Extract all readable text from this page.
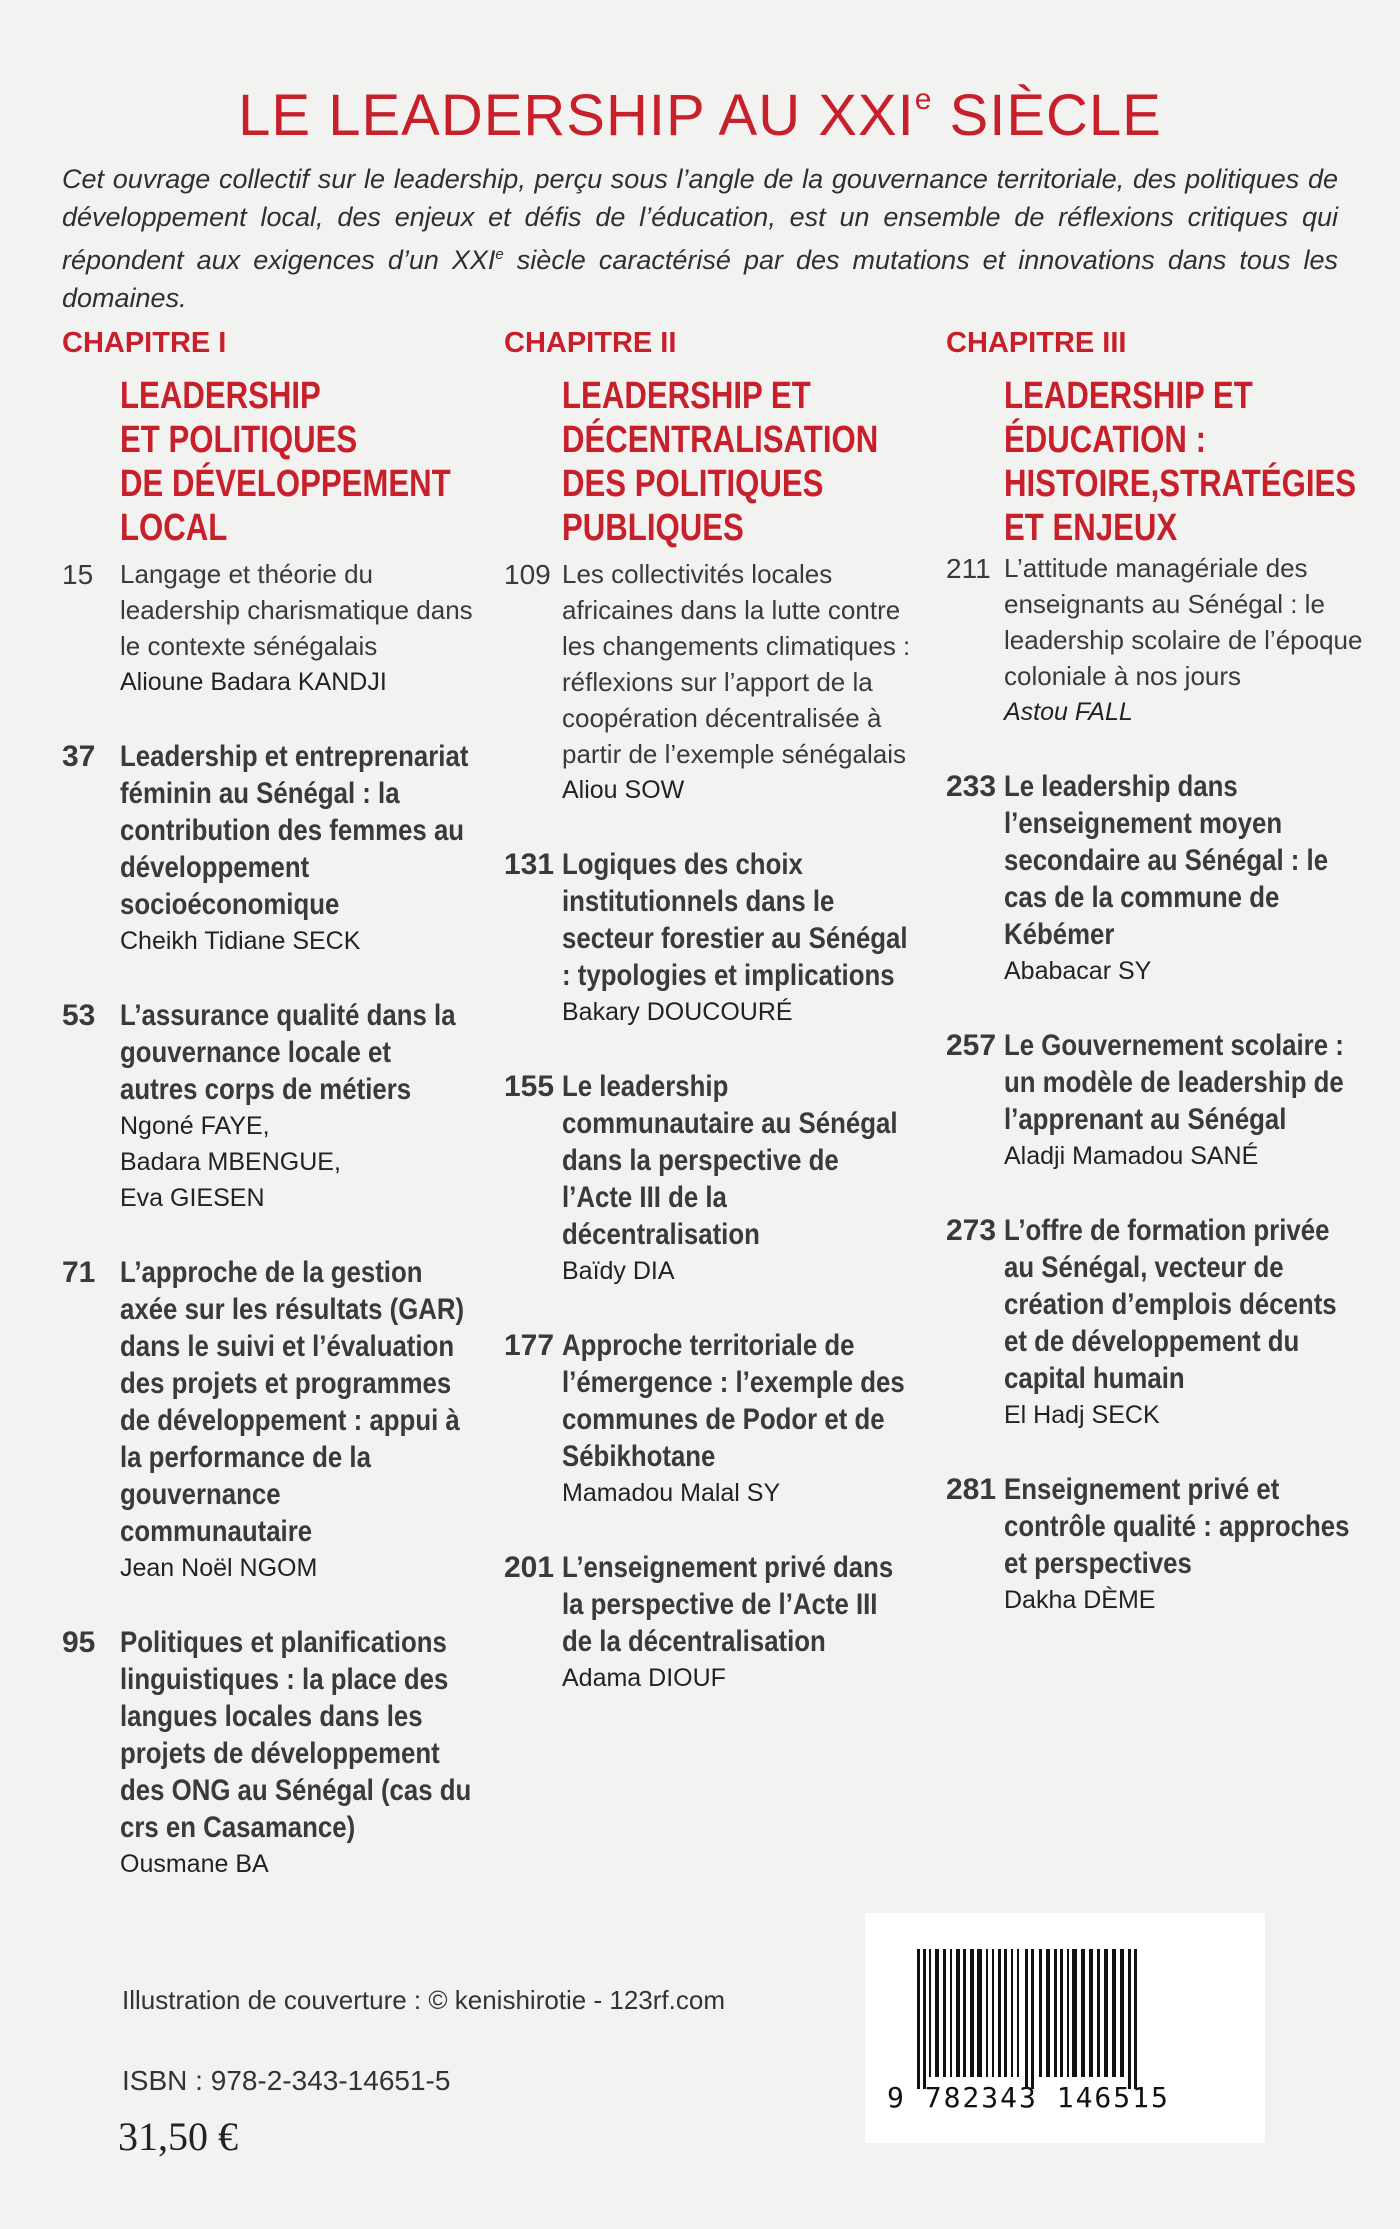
LE LEADERSHIP AU XXIe SIÈCLE
Cet ouvrage collectif sur le leadership, perçu sous l’angle de la gouvernance territoriale, des politiques de développement local, des enjeux et défis de l’éducation, est un ensemble de réflexions critiques qui répondent aux exigences d’un XXIe siècle caractérisé par des mutations et innovations dans tous les domaines.
CHAPITRE I
LEADERSHIP
ET POLITIQUES
DE DÉVELOPPEMENT
LOCAL
15	Langage et théorie du leadership charismatique dans le contexte sénégalais
Alioune Badara KANDJI
37 Leadership et entreprenariat féminin au Sénégal : la contribution des femmes au développement socioéconomique
Cheikh Tidiane SECK
53 L’assurance qualité dans la gouvernance locale et autres corps de métiers
Ngoné FAYE, Badara MBENGUE, Eva GIESEN
71 L’approche de la gestion axée sur les résultats (GAR) dans le suivi et l’évaluation des projets et programmes de développement : appui à la performance de la gouvernance communautaire
Jean Noël NGOM
95 Politiques et planifications linguistiques : la place des langues locales dans les projets de développement des ONG au Sénégal (cas du crs en Casamance)
Ousmane BA
CHAPITRE II
LEADERSHIP ET
DÉCENTRALISATION
DES POLITIQUES
PUBLIQUES
109 Les collectivités locales africaines dans la lutte contre les changements climatiques : réflexions sur l’apport de la coopération décentralisée à partir de l’exemple sénégalais
Aliou SOW
131 Logiques des choix institutionnels dans le secteur forestier au Sénégal : typologies et implications
Bakary DOUCOURÉ
155 Le leadership communautaire au Sénégal dans la perspective de l’Acte III de la décentralisation
Baïdy DIA
177 Approche territoriale de l’émergence : l’exemple des communes de Podor et de Sébikhotane
Mamadou Malal SY
201 L’enseignement privé dans la perspective de l’Acte III de la décentralisation
Adama DIOUF
CHAPITRE III
LEADERSHIP ET
ÉDUCATION :
HISTOIRE,STRATÉGIES
ET ENJEUX
211 L’attitude managériale des enseignants au Sénégal : le leadership scolaire de l’époque coloniale à nos jours
Astou FALL
233 Le leadership dans l’enseignement moyen secondaire au Sénégal : le cas de la commune de Kébémer
Ababacar SY
257 Le Gouvernement scolaire : un modèle de leadership de l’apprenant au Sénégal
Aladji Mamadou SANÉ
273 L’offre de formation privée au Sénégal, vecteur de création d’emplois décents et de développement du capital humain
El Hadj SECK
281 Enseignement privé et contrôle qualité : approches et perspectives
Dakha DÈME
Illustration de couverture : © kenishirotie - 123rf.com
ISBN : 978-2-343-14651-5
31,50 €
9 782343 146515
